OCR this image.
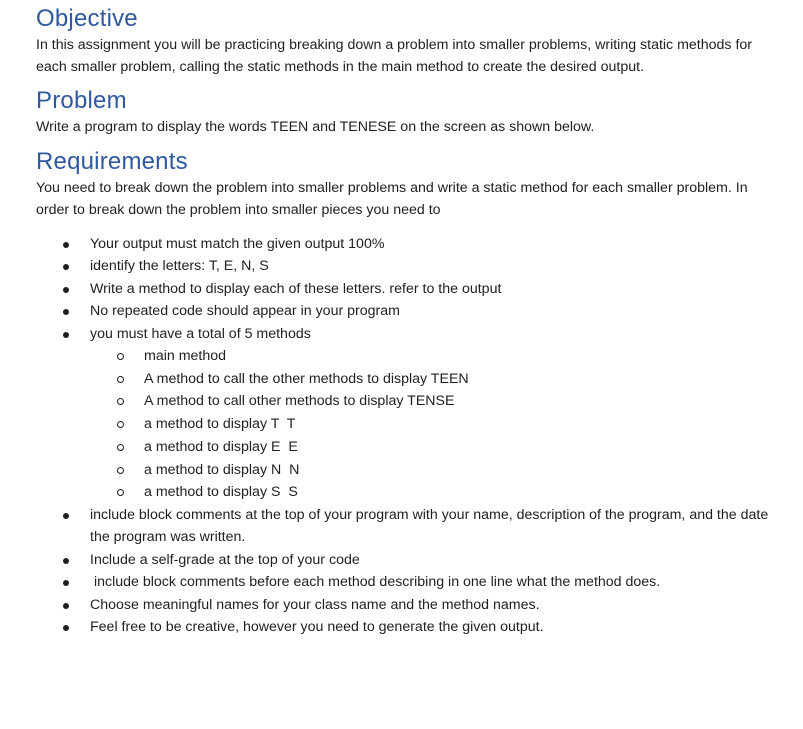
Objective

In this assignment you will be practicing breaking down a problem into smaller problems, writing static methods for each smaller problem, calling the static methods in the main method to create the desired output.

Problem

Write a program to display the words TEEN and TENESE on the screen as shown below.

Requirements

You need to break down the problem into smaller problems and write a static method for each smaller problem. In order to break down the problem into smaller pieces you need to

Your output must match the given output 100%
identify the letters: T, E, N, S
Write a method to display each of these letters. refer to the output
No repeated code should appear in your program
you must have a total of 5 methods
main method
A method to call the other methods to display TEEN
A method to call other methods to display TENSE
a method to display T  T
a method to display E  E
a method to display N  N
a method to display S  S
include block comments at the top of your program with your name, description of the program, and the date the program was written.
Include a self-grade at the top of your code
include block comments before each method describing in one line what the method does.
Choose meaningful names for your class name and the method names.
Feel free to be creative, however you need to generate the given output.
